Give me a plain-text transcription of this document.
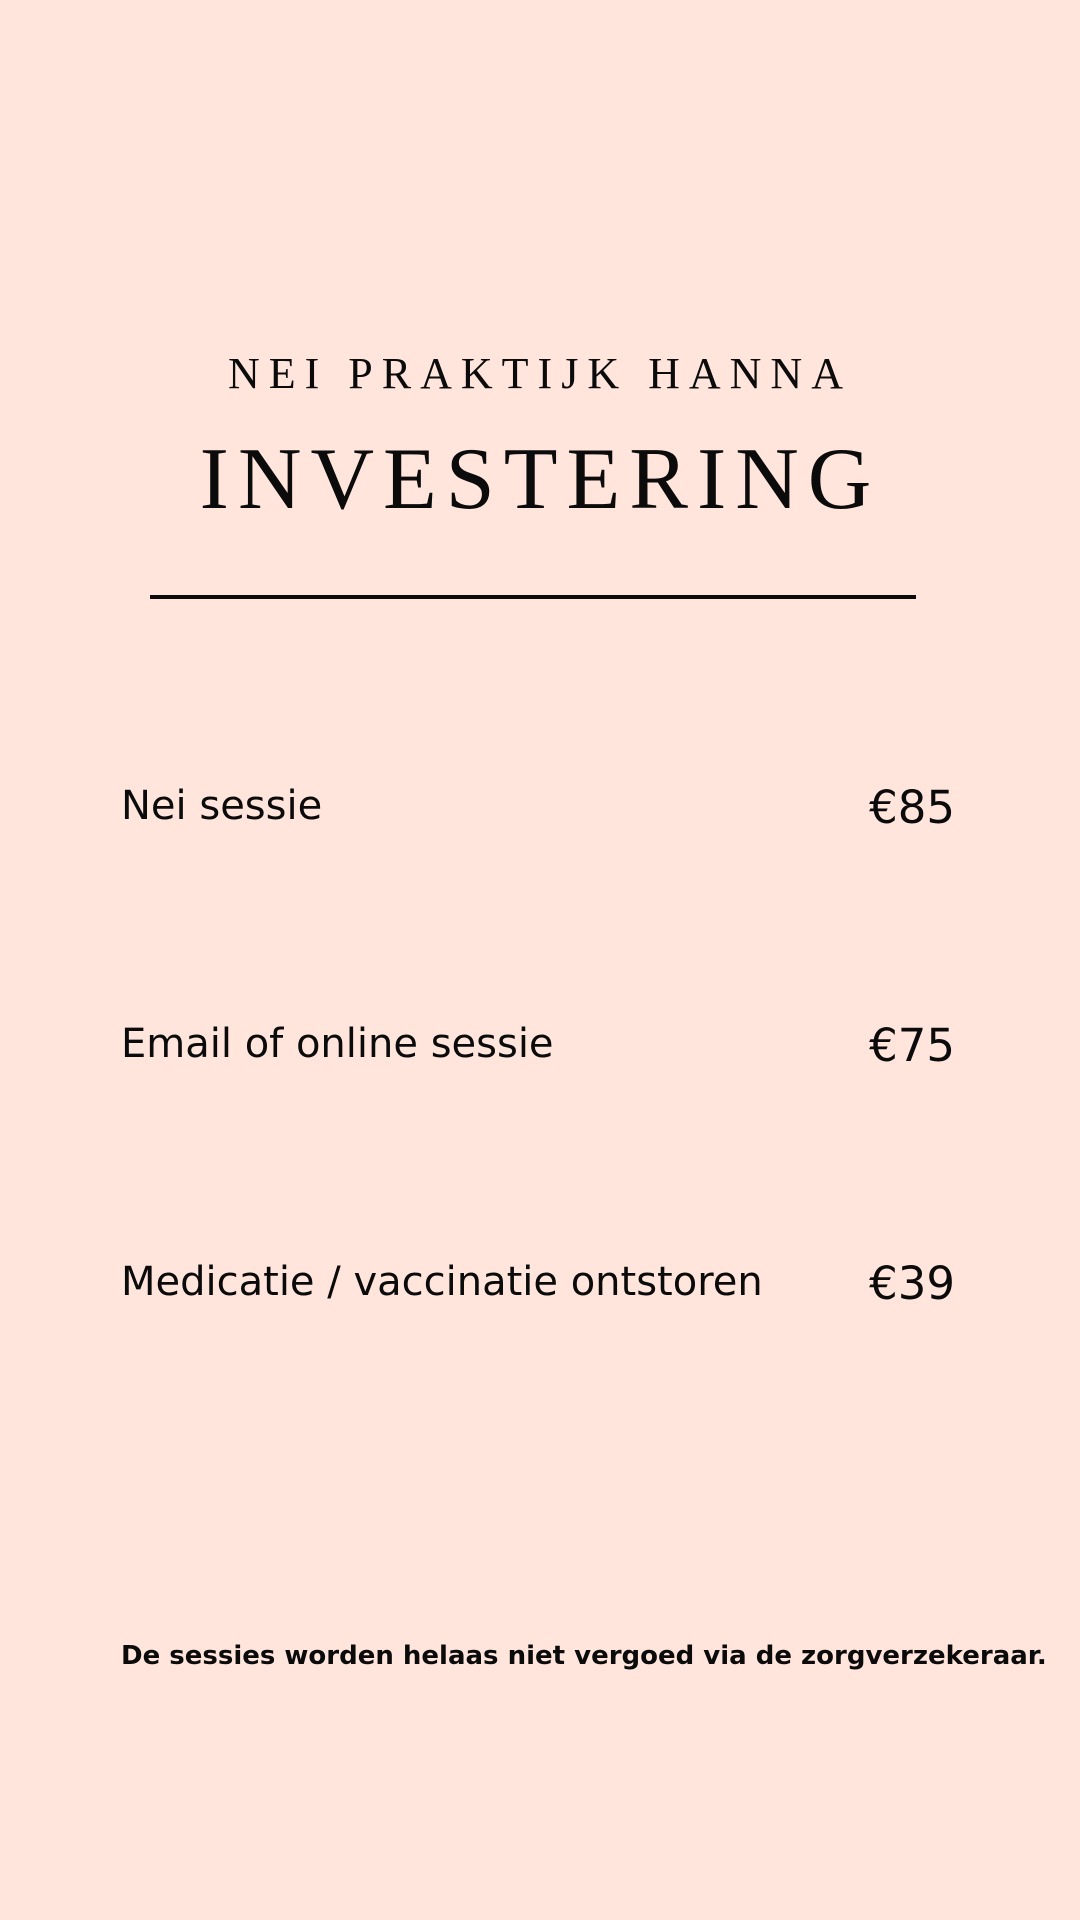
NEI PRAKTIJK HANNA
INVESTERING
Nei sessie	€85
Email of online sessie	€75
Medicatie / vaccinatie ontstoren €39
De sessies worden helaas niet vergoed via de zorgverzekeraar.
